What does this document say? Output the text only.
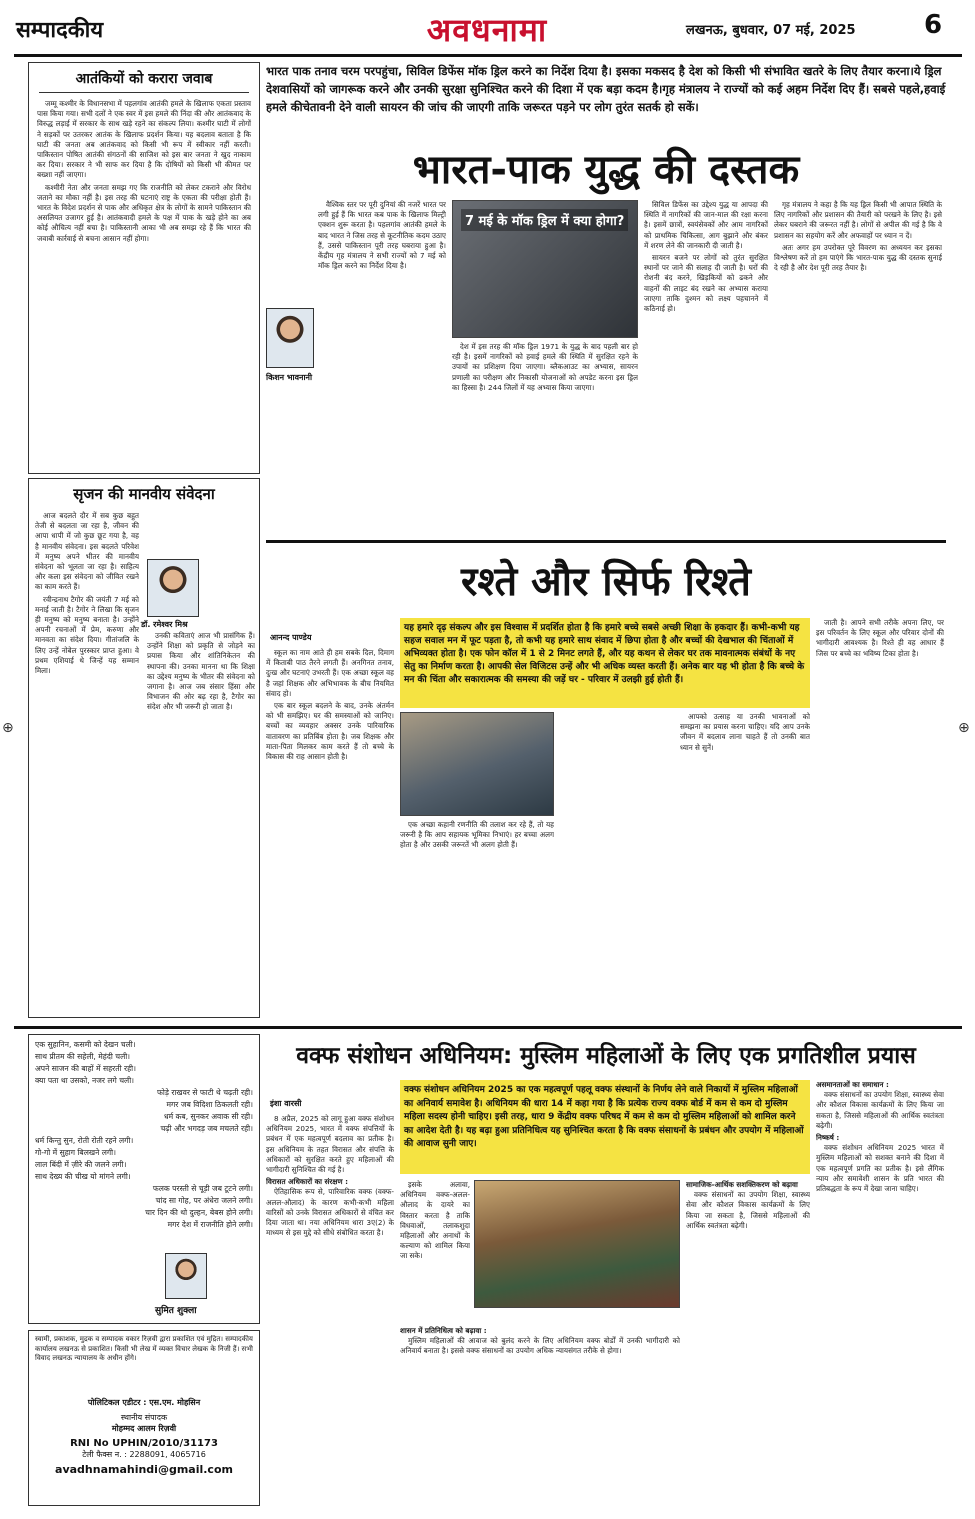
सम्पादकीय	अवधनामा	लखनऊ, बुधवार, 07 मई, 2025	6
आतंकियों को करारा जवाब

जम्मू कश्मीर के विधानसभा में पहलगांव आतंकी हमले के खिलाफ एकता प्रस्ताव पास किया गया। सभी दलों ने एक स्वर में इस हमले की निंदा की और आतंकवाद के विरुद्ध लड़ाई में सरकार के साथ खड़े रहने का संकल्प लिया। कश्मीर घाटी में लोगों ने सड़कों पर उतरकर आतंक के खिलाफ प्रदर्शन किया। यह बदलाव बताता है कि घाटी की जनता अब आतंकवाद को किसी भी रूप में स्वीकार नहीं करती। पाकिस्तान पोषित आतंकी संगठनों की साजिश को इस बार जनता ने खुद नाकाम कर दिया। सरकार ने भी साफ कर दिया है कि दोषियों को किसी भी कीमत पर बख्शा नहीं जाएगा।

कश्मीरी नेता और जनता समझ गए कि राजनीति को लेकर टकराने और विरोध जताने का मौका नहीं है। इस तरह की घटनाएं राष्ट्र के एकता की परीक्षा होती हैं। भारत के विदेश प्रदर्शन से पाक और अधिकृत क्षेत्र के लोगों के सामने पाकिस्तान की असलियत उजागर हुई है। आतंकवादी हमले के पक्ष में पाक के खड़े होने का अब कोई औचित्य नहीं बचा है। पाकिस्तानी आका भी अब समझ रहे हैं कि भारत की जवाबी कार्रवाई से बचना आसान नहीं होगा।

सृजन की मानवीय संवेदना
डॉ. रमेश्वर मिश्र

आज बदलते दौर में सब कुछ बहुत तेजी से बदलता जा रहा है, जीवन की आपा धापी में जो कुछ छूट गया है, वह है मानवीय संवेदना। इस बदलते परिवेश में मनुष्य अपने भीतर की मानवीय संवेदना को भूलता जा रहा है। साहित्य और कला इस संवेदना को जीवित रखने का काम करते हैं।

रवीन्द्रनाथ टैगोर की जयंती 7 मई को मनाई जाती है। टैगोर ने लिखा कि सृजन ही मनुष्य को मनुष्य बनाता है। उन्होंने अपनी रचनाओं में प्रेम, करुणा और मानवता का संदेश दिया। गीतांजलि के लिए उन्हें नोबेल पुरस्कार प्राप्त हुआ। वे प्रथम एशियाई थे जिन्हें यह सम्मान मिला।

उनकी कविताएं आज भी प्रासंगिक हैं। उन्होंने शिक्षा को प्रकृति से जोड़ने का प्रयास किया और शांतिनिकेतन की स्थापना की। उनका मानना था कि शिक्षा का उद्देश्य मनुष्य के भीतर की संवेदना को जगाना है। आज जब संसार हिंसा और विभाजन की ओर बढ़ रहा है, टैगोर का संदेश और भी जरूरी हो जाता है।

भारत पाक तनाव चरम परपहुंचा, सिविल डिफेंस मॉक ड्रिल करने का निर्देश दिया है। इसका मकसद है देश को किसी भी संभावित खतरे के लिए तैयार करना।ये ड्रिल देशवासियों को जागरूक करने और उनकी सुरक्षा सुनिश्चित करने की दिशा में एक बड़ा कदम है।गृह मंत्रालय ने राज्यों को कई अहम निर्देश दिए हैं। सबसे पहले,हवाई हमले कीचेतावनी देने वाली सायरन की जांच की जाएगी ताकि जरूरत पड़ने पर लोग तुरंत सतर्क हो सकें।
भारत-पाक युद्ध की दस्तक
किशन भावनानी
7 मई के मॉक ड्रिल में क्या होगा?

वैश्विक स्तर पर पूरी दुनियां की नजरें भारत पर लगी हुई हैं कि भारत कब पाक के खिलाफ मिल्ट्री एक्शन शुरू करता है। पहलगांव आतंकी हमले के बाद भारत ने जिस तरह से कूटनीतिक कदम उठाए हैं, उससे पाकिस्तान पूरी तरह घबराया हुआ है। केंद्रीय गृह मंत्रालय ने सभी राज्यों को 7 मई को मॉक ड्रिल करने का निर्देश दिया है।

देश में इस तरह की मॉक ड्रिल 1971 के युद्ध के बाद पहली बार हो रही है। इसमें नागरिकों को हवाई हमले की स्थिति में सुरक्षित रहने के उपायों का प्रशिक्षण दिया जाएगा। ब्लैकआउट का अभ्यास, सायरन प्रणाली का परीक्षण और निकासी योजनाओं को अपडेट करना इस ड्रिल का हिस्सा है। 244 जिलों में यह अभ्यास किया जाएगा।

सिविल डिफेंस का उद्देश्य युद्ध या आपदा की स्थिति में नागरिकों की जान-माल की रक्षा करना है। इसमें छात्रों, स्वयंसेवकों और आम नागरिकों को प्राथमिक चिकित्सा, आग बुझाने और बंकर में शरण लेने की जानकारी दी जाती है।

सायरन बजने पर लोगों को तुरंत सुरक्षित स्थानों पर जाने की सलाह दी जाती है। घरों की रोशनी बंद करने, खिड़कियों को ढकने और वाहनों की लाइट बंद रखने का अभ्यास कराया जाएगा ताकि दुश्मन को लक्ष्य पहचानने में कठिनाई हो।

गृह मंत्रालय ने कहा है कि यह ड्रिल किसी भी आपात स्थिति के लिए नागरिकों और प्रशासन की तैयारी को परखने के लिए है। इसे लेकर घबराने की जरूरत नहीं है। लोगों से अपील की गई है कि वे प्रशासन का सहयोग करें और अफवाहों पर ध्यान न दें।

अतः अगर हम उपरोक्त पूरे विवरण का अध्ययन कर इसका विश्लेषण करें तो हम पाएंगे कि भारत-पाक युद्ध की दस्तक सुनाई दे रही है और देश पूरी तरह तैयार है।

रश्ते और सिर्फ रिश्ते
आनन्द पाण्डेय
यह हमारे दृढ़ संकल्प और इस विश्वास में प्रदर्शित होता है कि हमारे बच्चे सबसे अच्छी शिक्षा के हकदार हैं। कभी-कभी यह सहज सवाल मन में फूट पड़ता है, तो कभी यह हमारे साथ संवाद में छिपा होता है और बच्चों की देखभाल की चिंताओं में अभिव्यक्त होता है। एक फोन कॉल में 1 से 2 मिनट लगते हैं, और यह कथन से लेकर घर तक मावनात्मक संबंधों के नए सेतु का निर्माण करता है। आपकी सेल विजिटस उन्हें और भी अधिक व्यस्त करती हैं। अनेक बार यह भी होता है कि बच्चे के मन की चिंता और सकारात्मक की समस्या की जड़ें घर - परिवार में उलझी हुई होती हैं।

स्कूल का नाम आते ही हम सबके दिल, दिमाग में किताबी पाठ तैरने लगती हैं। अनगिनत तनाव, दुःख और घटनाएं उभरती हैं। एक अच्छा स्कूल वह है जहां शिक्षक और अभिभावक के बीच नियमित संवाद हो।

एक बार स्कूल बदलने के बाद, उनके अंतर्मन को भी समझिए। घर की समस्याओं को जानिए। बच्चों का व्यवहार अक्सर उनके पारिवारिक वातावरण का प्रतिबिंब होता है। जब शिक्षक और माता-पिता मिलकर काम करते हैं तो बच्चे के विकास की राह आसान होती है।

एक अच्छा कहानी रणनीति की तलाश कर रहे हैं, तो यह जरूरी है कि आप सहायक भूमिका निभाएं। हर बच्चा अलग होता है और उसकी जरूरतें भी अलग होती हैं।

आपको उत्साह या उनकी भावनाओं को समझना का प्रयास करना चाहिए। यदि आप उनके जीवन में बदलाव लाना चाहते हैं तो उनकी बात ध्यान से सुनें।

जाती है। आपने सभी तरीके अपना लिए, पर इस परिवर्तन के लिए स्कूल और परिवार दोनों की भागीदारी आवश्यक है। रिश्ते ही वह आधार हैं जिस पर बच्चे का भविष्य टिका होता है।

एक सुहानिन, कसमी को देखन चली।
साथ प्रीतम की सहेली, मेहंदी चली।
अपने साजन की बाहों में सहरती रही।
क्या पता था उसको, नजर लगे चली।
फोड़े राखवर से फाटी थे चढ़ती रही।
मगर जब विदिशा ठिकलती रही।
धर्म कब, सुनकर अवाक सी रही।
चढ़ी और भगदड़ जब मचलते रही।
धर्म किन्तु सुन, रोती रोती रहने लगी।
गो-गो में सुहाग बिलखने लगी।
लाल बिंदी में ज़ीरे की जलने लगी।
साथ देख्य की चीख यो मांगने लगी।
फलक परस्ती से चूड़ी जब टूटने लगी।
चांद सा गोह, पर अंधेरा जलने लगी।
चार दिन की थो दुल्हन, बेबस होने लगी।
मगर देश में राजनीति होने लगी।
सुमित शुक्ला
स्वामी, प्रकाशक, मुद्रक व सम्पादक वकार रिज़वी द्वारा प्रकाशित एवं मुद्रित। सम्पादकीय कार्यालय लखनऊ से प्रकाशित। किसी भी लेख में व्यक्त विचार लेखक के निजी हैं। सभी विवाद लखनऊ न्यायालय के अधीन होंगे।
पोलिटिकल एडीटर : एस.एम. मोहसिन
स्थानीय संपादक
मोहम्मद आलम रिज़वी
RNI No UPHIN/2010/31173
टेली फैक्स न. : 2288091, 4065716
avadhnamahindi@gmail.com
वक्फ संशोधन अधिनियम: मुस्लिम महिलाओं के लिए एक प्रगतिशील प्रयास
इंशा वारसी
वक्फ संशोधन अधिनियम 2025 का एक महत्वपूर्ण पहलू वक्फ संस्थानों के निर्णय लेने वाले निकायों में मुस्लिम महिलाओं का अनिवार्य समावेश है। अधिनियम की धारा 14 में कहा गया है कि प्रत्येक राज्य वक्फ बोर्ड में कम से कम दो मुस्लिम महिला सदस्य होनी चाहिए। इसी तरह, धारा 9 केंद्रीय वक्फ परिषद में कम से कम दो मुस्लिम महिलाओं को शामिल करने का आदेश देती है। यह बढ़ा हुआ प्रतिनिधित्व यह सुनिश्चित करता है कि वक्फ संसाधनों के प्रबंधन और उपयोग में महिलाओं की आवाज सुनी जाए।

8 अप्रैल, 2025 को लागू हुआ वक्फ संशोधन अधिनियम 2025, भारत में वक्फ संपत्तियों के प्रबंधन में एक महत्वपूर्ण बदलाव का प्रतीक है। इस अधिनियम के तहत विरासत और संपत्ति के अधिकारों को सुरक्षित करते हुए महिलाओं की भागीदारी सुनिश्चित की गई है।

विरासत अधिकारों का संरक्षण :

ऐतिहासिक रूप से, पारिवारिक वक्फ (वक्फ-अलल-औलाद) के कारण कभी-कभी महिला वारिसों को उनके विरासत अधिकारों से वंचित कर दिया जाता था। नया अधिनियम धारा 3ए(2) के माध्यम से इस मुद्दे को सीधे संबोधित करता है।

इसके अलावा, अधिनियम वक्फ-अलल-औलाद के दायरे का विस्तार करता है ताकि विधवाओं, तलाकशुदा महिलाओं और अनाथों के कल्याण को शामिल किया जा सके।

शासन में प्रतिनिधित्व को बढ़ावा :

मुस्लिम महिलाओं की आवाज को बुलंद करने के लिए अधिनियम वक्फ बोर्डों में उनकी भागीदारी को अनिवार्य बनाता है। इससे वक्फ संसाधनों का उपयोग अधिक न्यायसंगत तरीके से होगा।

सामाजिक-आर्थिक सशक्तिकरण को बढ़ावा

वक्फ संसाधनों का उपयोग शिक्षा, स्वास्थ्य सेवा और कौशल विकास कार्यक्रमों के लिए किया जा सकता है, जिससे महिलाओं की आर्थिक स्वतंत्रता बढ़ेगी।

असमानताओं का समाधान :

वक्फ संसाधनों का उपयोग शिक्षा, स्वास्थ्य सेवा और कौशल विकास कार्यक्रमों के लिए किया जा सकता है, जिससे महिलाओं की आर्थिक स्वतंत्रता बढ़ेगी।

निष्कर्ष :

वक्फ संशोधन अधिनियम 2025 भारत में मुस्लिम महिलाओं को सशक्त बनाने की दिशा में एक महत्वपूर्ण प्रगति का प्रतीक है। इसे लैंगिक न्याय और समावेशी शासन के प्रति भारत की प्रतिबद्धता के रूप में देखा जाना चाहिए।

⊕	⊕
